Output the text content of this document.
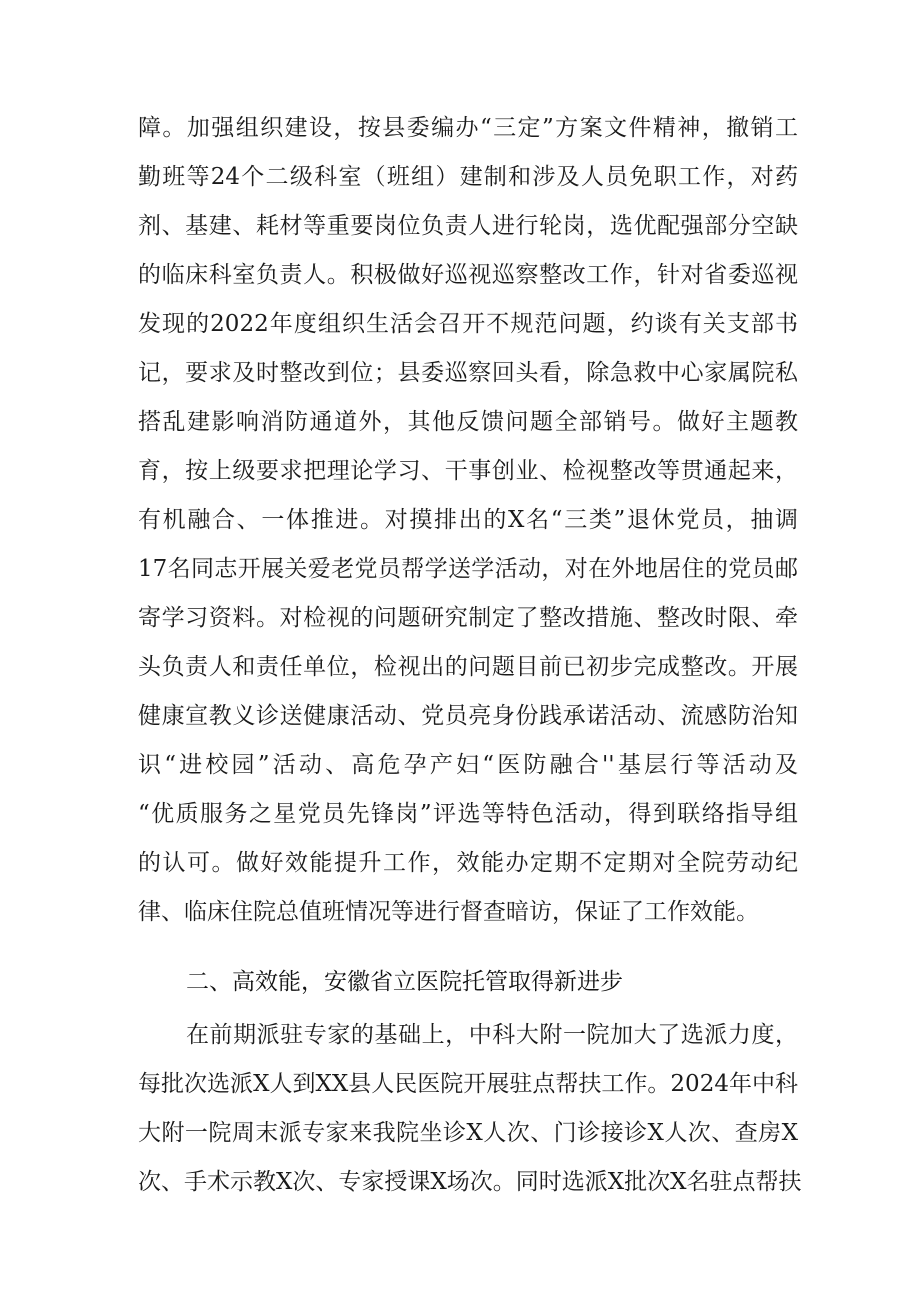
障。加强组织建设，按县委编办“三定”方案文件精神，撤销工
勤班等24个二级科室（班组）建制和涉及人员免职工作，对药
剂、基建、耗材等重要岗位负责人进行轮岗，选优配强部分空缺
的临床科室负责人。积极做好巡视巡察整改工作，针对省委巡视
发现的2022年度组织生活会召开不规范问题，约谈有关支部书
记，要求及时整改到位；县委巡察回头看，除急救中心家属院私
搭乱建影响消防通道外，其他反馈问题全部销号。做好主题教
育，按上级要求把理论学习、干事创业、检视整改等贯通起来，
有机融合、一体推进。对摸排出的X名“三类”退休党员，抽调
17名同志开展关爱老党员帮学送学活动，对在外地居住的党员邮
寄学习资料。对检视的问题研究制定了整改措施、整改时限、牵
头负责人和责任单位，检视出的问题目前已初步完成整改。开展
健康宣教义诊送健康活动、党员亮身份践承诺活动、流感防治知
识“进校园”活动、高危孕产妇“医防融合''基层行等活动及
“优质服务之星党员先锋岗”评选等特色活动，得到联络指导组
的认可。做好效能提升工作，效能办定期不定期对全院劳动纪
律、临床住院总值班情况等进行督查暗访，保证了工作效能。
二、高效能，安徽省立医院托管取得新进步
在前期派驻专家的基础上，中科大附一院加大了选派力度，
每批次选派X人到XX县人民医院开展驻点帮扶工作。2024年中科
大附一院周末派专家来我院坐诊X人次、门诊接诊X人次、查房X
次、手术示教X次、专家授课X场次。同时选派X批次X名驻点帮扶
